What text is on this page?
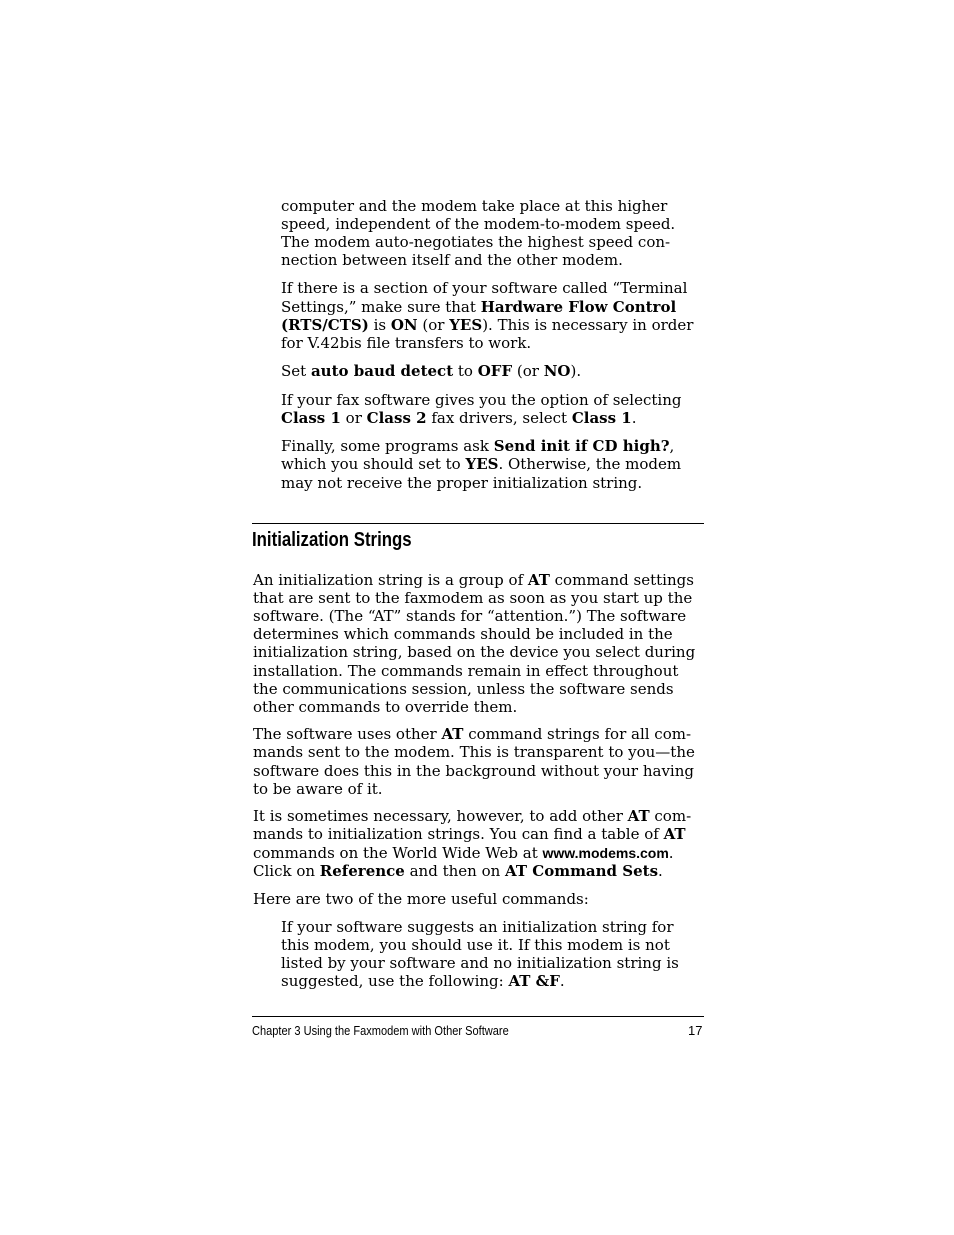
computer and the modem take place at this higher

speed, independent of the modem-to-modem speed.

The modem auto-negotiates the highest speed con-

nection between itself and the other modem.

If there is a section of your software called “Terminal

Settings,” make sure that Hardware Flow Control

(RTS/CTS) is ON (or YES). This is necessary in order

for V.42bis file transfers to work.

Set auto baud detect to OFF (or NO).

If your fax software gives you the option of selecting

Class 1 or Class 2 fax drivers, select Class 1.

Finally, some programs ask Send init if CD high?,

which you should set to YES. Otherwise, the modem

may not receive the proper initialization string.

Initialization Strings

An initialization string is a group of AT command settings

that are sent to the faxmodem as soon as you start up the

software. (The “AT” stands for “attention.”) The software

determines which commands should be included in the

initialization string, based on the device you select during

installation. The commands remain in effect throughout

the communications session, unless the software sends

other commands to override them.

The software uses other AT command strings for all com-

mands sent to the modem. This is transparent to you—the

software does this in the background without your having

to be aware of it.

It is sometimes necessary, however, to add other AT com-

mands to initialization strings. You can find a table of AT

commands on the World Wide Web at www.modems.com.

Click on Reference and then on AT Command Sets.

Here are two of the more useful commands:

If your software suggests an initialization string for

this modem, you should use it. If this modem is not

listed by your software and no initialization string is

suggested, use the following: AT &F.

Chapter 3 Using the Faxmodem with Other Software	17
